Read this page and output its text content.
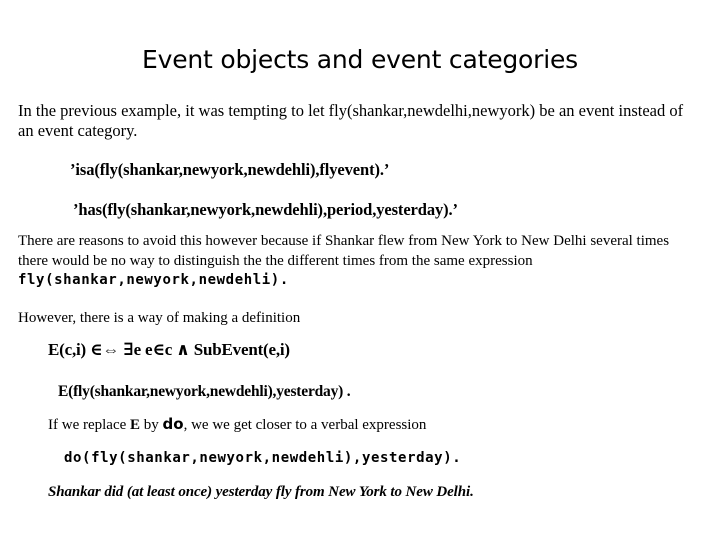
Event objects and event categories
In the previous example, it was tempting to let fly(shankar,newdelhi,newyork) be an event instead of an event category.
’isa(fly(shankar,newyork,newdehli),flyevent).’
’has(fly(shankar,newyork,newdehli),period,yesterday).’
There are reasons to avoid this however because if Shankar flew from New York to New Delhi several times there would be no way to distinguish the the different times from the same expression fly(shankar,newyork,newdehli).
However, there is a way of making a definition
E(c,i) ∈⇔ ∃e e∈c ∧ SubEvent(e,i)
E(fly(shankar,newyork,newdehli),yesterday) .
If we replace E by do, we we get closer to a verbal expression
do(fly(shankar,newyork,newdehli),yesterday).
Shankar did (at least once) yesterday fly from New York to New Delhi.
